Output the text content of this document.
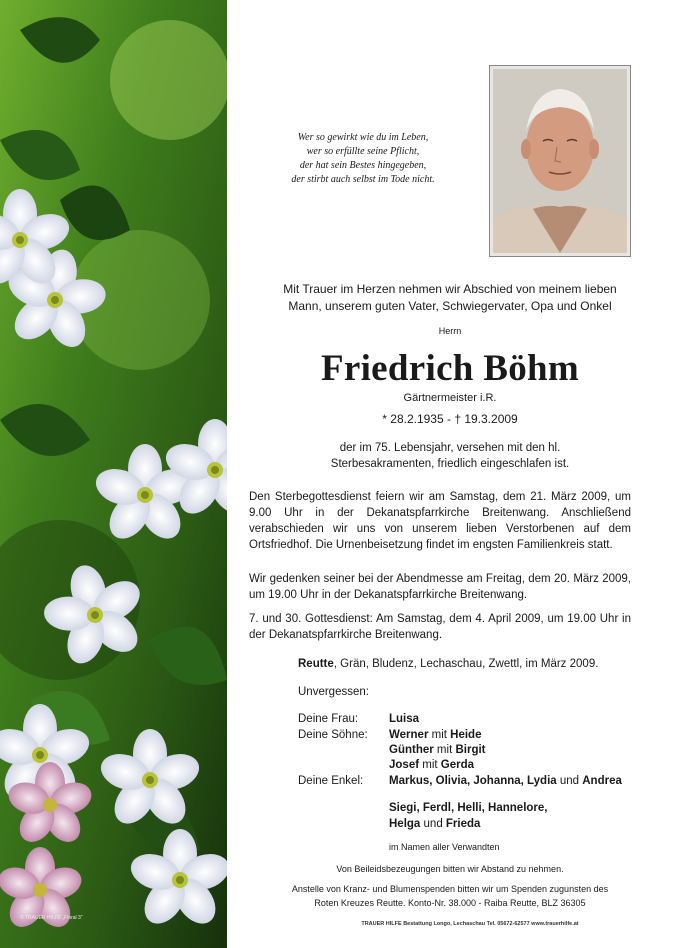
© TRAUER HILFE „Floral 3“
Wer so gewirkt wie du im Leben,
wer so erfüllte seine Pflicht,
der hat sein Bestes hingegeben,
der stirbt auch selbst im Tode nicht.
Mit Trauer im Herzen nehmen wir Abschied von meinem lieben
Mann, unserem guten Vater, Schwiegervater, Opa und Onkel
Herrn
Friedrich Böhm
Gärtnermeister i.R.
* 28.2.1935 - † 19.3.2009
der im 75. Lebensjahr, versehen mit den hl.
Sterbesakramenten, friedlich eingeschlafen ist.
Den Sterbegottesdienst feiern wir am Samstag, dem 21. März 2009, um 9.00 Uhr in der Dekanatspfarrkirche Breitenwang. Anschließend verabschieden wir uns von unserem lieben Verstorbenen auf dem Ortsfriedhof. Die Urnenbeisetzung findet im engsten Familienkreis statt.
Wir gedenken seiner bei der Abendmesse am Freitag, dem 20. März 2009, um 19.00 Uhr in der Dekanatspfarrkirche Breitenwang.
7. und 30. Gottesdienst: Am Samstag, dem 4. April 2009, um 19.00 Uhr in der Dekanatspfarrkirche Breitenwang.
Reutte, Grän, Bludenz, Lechaschau, Zwettl, im März 2009.
Unvergessen:
Deine Frau:	Luisa
Deine Söhne: Werner mit Heide
Günther mit Birgit
Josef mit Gerda
Deine Enkel: Markus, Olivia, Johanna, Lydia und Andrea
Siegi, Ferdl, Helli, Hannelore,
Helga und Frieda
im Namen aller Verwandten
Von Beileidsbezeugungen bitten wir Abstand zu nehmen.
Anstelle von Kranz- und Blumenspenden bitten wir um Spenden zugunsten des
Roten Kreuzes Reutte. Konto-Nr. 38.000 - Raiba Reutte, BLZ 36305
TRAUER HILFE Bestattung Longo, Lechaschau Tel. 05672-62577 www.trauerhilfe.at
